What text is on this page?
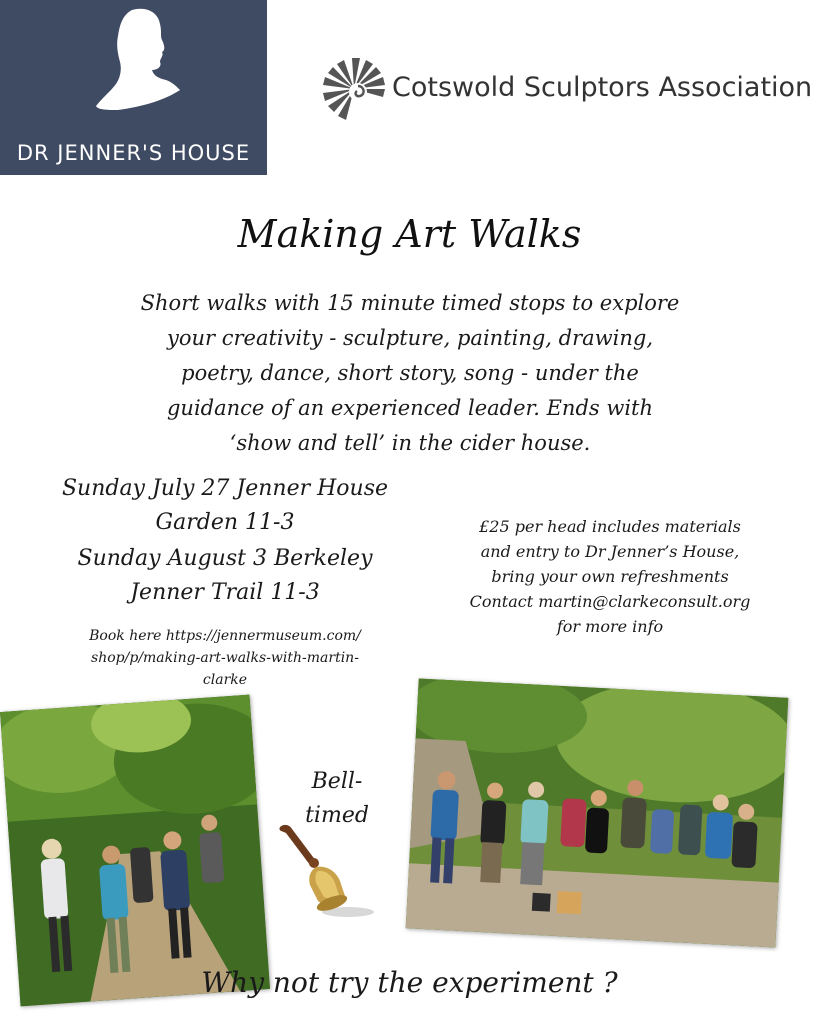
DR JENNER'S HOUSE
Cotswold Sculptors Association
Making Art Walks
Short walks with 15 minute timed stops to explore
your creativity - sculpture, painting, drawing,
poetry, dance, short story, song - under the
guidance of an experienced leader. Ends with
‘show and tell’ in the cider house.
Sunday July 27 Jenner House
Garden 11-3
Sunday August 3 Berkeley
Jenner Trail 11-3
Book here https://jennermuseum.com/
shop/p/making-art-walks-with-martin-
clarke
£25 per head includes materials
and entry to Dr Jenner’s House,
bring your own refreshments
Contact martin@clarkeconsult.org
for more info
Bell-
timed
Why not try the experiment ?
